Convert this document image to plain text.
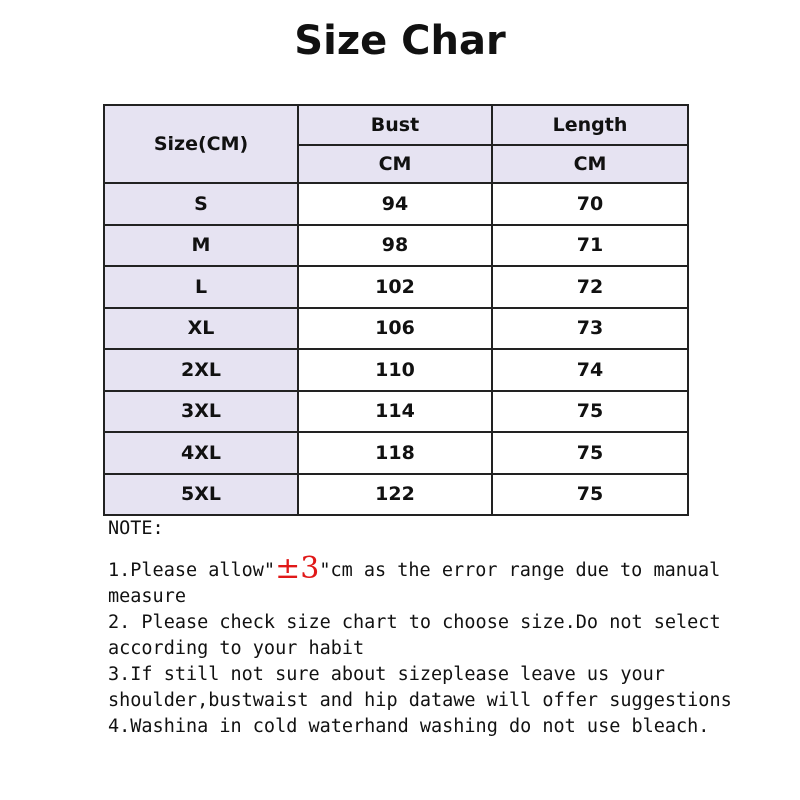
Size Char
Size(CM)	Bust	Length
	CM	CM
S	94	70
M	98	71
L	102	72
XL	106	73
2XL	110	74
3XL	114	75
4XL	118	75
5XL	122	75

NOTE:

1.Please allow"±3"cm as the error range due to manual measure

2. Please check size chart to choose size.Do not select according to your habit

3.If still not sure about sizeplease leave us your shoulder,bustwaist and hip datawe will offer suggestions

4.Washina in cold waterhand washing do not use bleach.
